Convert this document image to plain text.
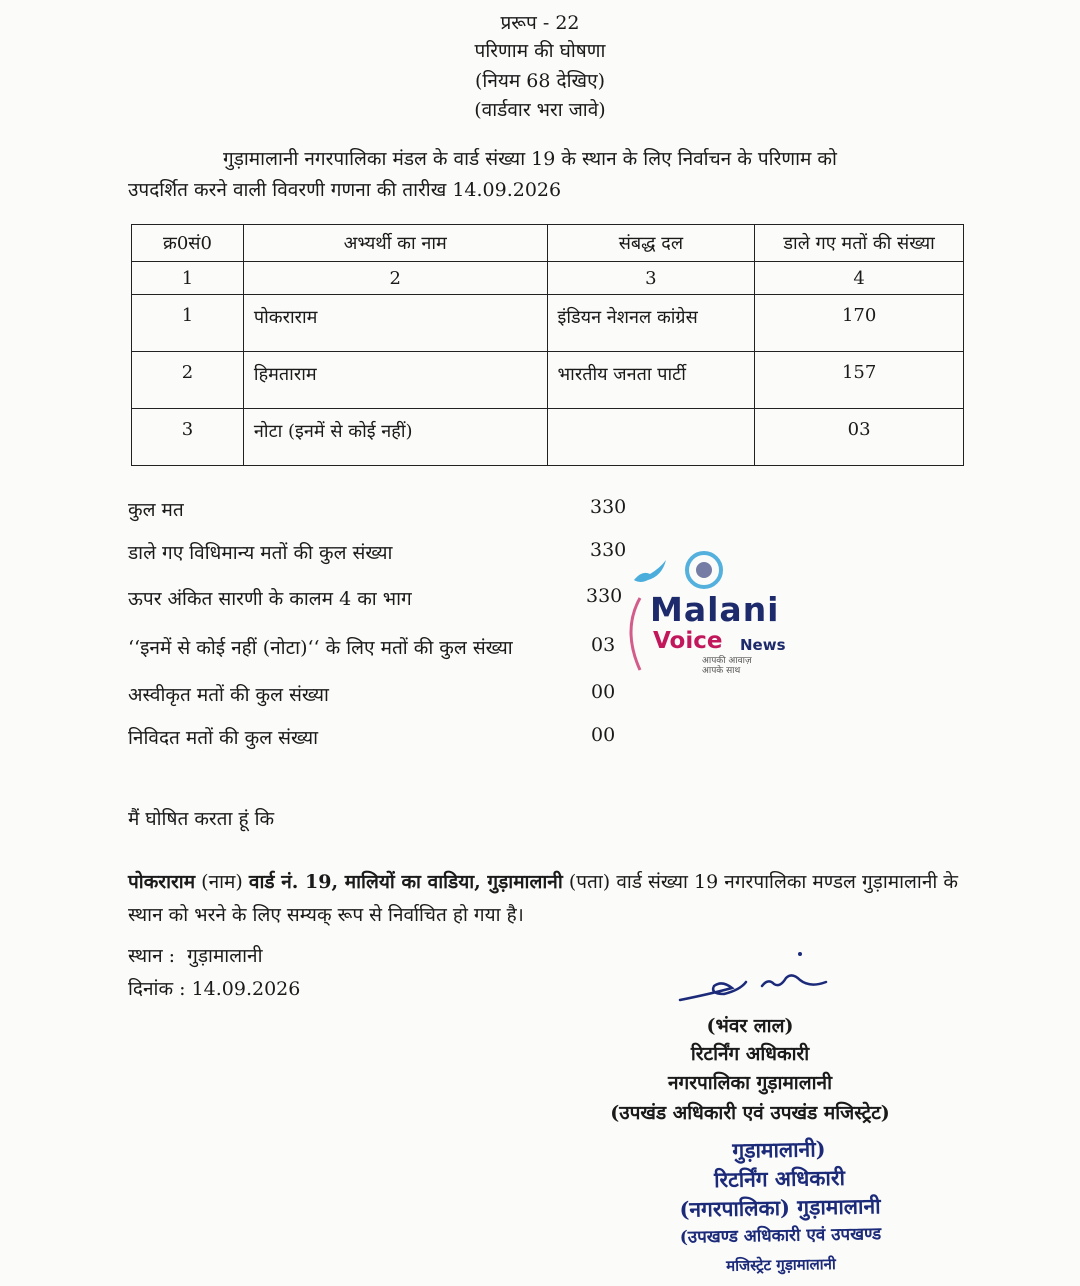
प्ररूप - 22
परिणाम की घोषणा
(नियम 68 देखिए)
(वार्डवार भरा जावे)
गुड़ामालानी नगरपालिका मंडल के वार्ड संख्या 19 के स्थान के लिए निर्वाचन के परिणाम को
उपदर्शित करने वाली विवरणी गणना की तारीख 14.09.2026
क्र0सं0	अभ्यर्थी का नाम	संबद्ध दल	डाले गए मतों की संख्या
1	2	3	4
1	पोकराराम	इंडियन नेशनल कांग्रेस	170
2	हिमताराम	भारतीय जनता पार्टी	157
3	नोटा (इनमें से कोई नहीं)		03
कुल मत	330
डाले गए विधिमान्य मतों की कुल संख्या	330
ऊपर अंकित सारणी के कालम 4 का भाग	330
‘‘इनमें से कोई नहीं (नोटा)‘‘ के लिए मतों की कुल संख्या	03
अस्वीकृत मतों की कुल संख्या	00
निविदत मतों की कुल संख्या	00
Malani
Voice News
आपकी आवाज़
आपके साथ
मैं घोषित करता हूं कि
पोकराराम (नाम) वार्ड नं. 19, मालियों का वाडिया, गुड़ामालानी (पता) वार्ड संख्या 19 नगरपालिका मण्डल गुड़ामालानी के स्थान को भरने के लिए सम्यक् रूप से निर्वाचित हो गया है।
स्थान : गुड़ामालानी
दिनांक : 14.09.2026
(भंवर लाल)
रिटर्निंग अधिकारी
नगरपालिका गुड़ामालानी
(उपखंड अधिकारी एवं उपखंड मजिस्ट्रेट)
गुड़ामालानी)
रिटर्निंग अधिकारी
(नगरपालिका) गुड़ामालानी
(उपखण्ड अधिकारी एवं उपखण्ड
मजिस्ट्रेट गुड़ामालानी
